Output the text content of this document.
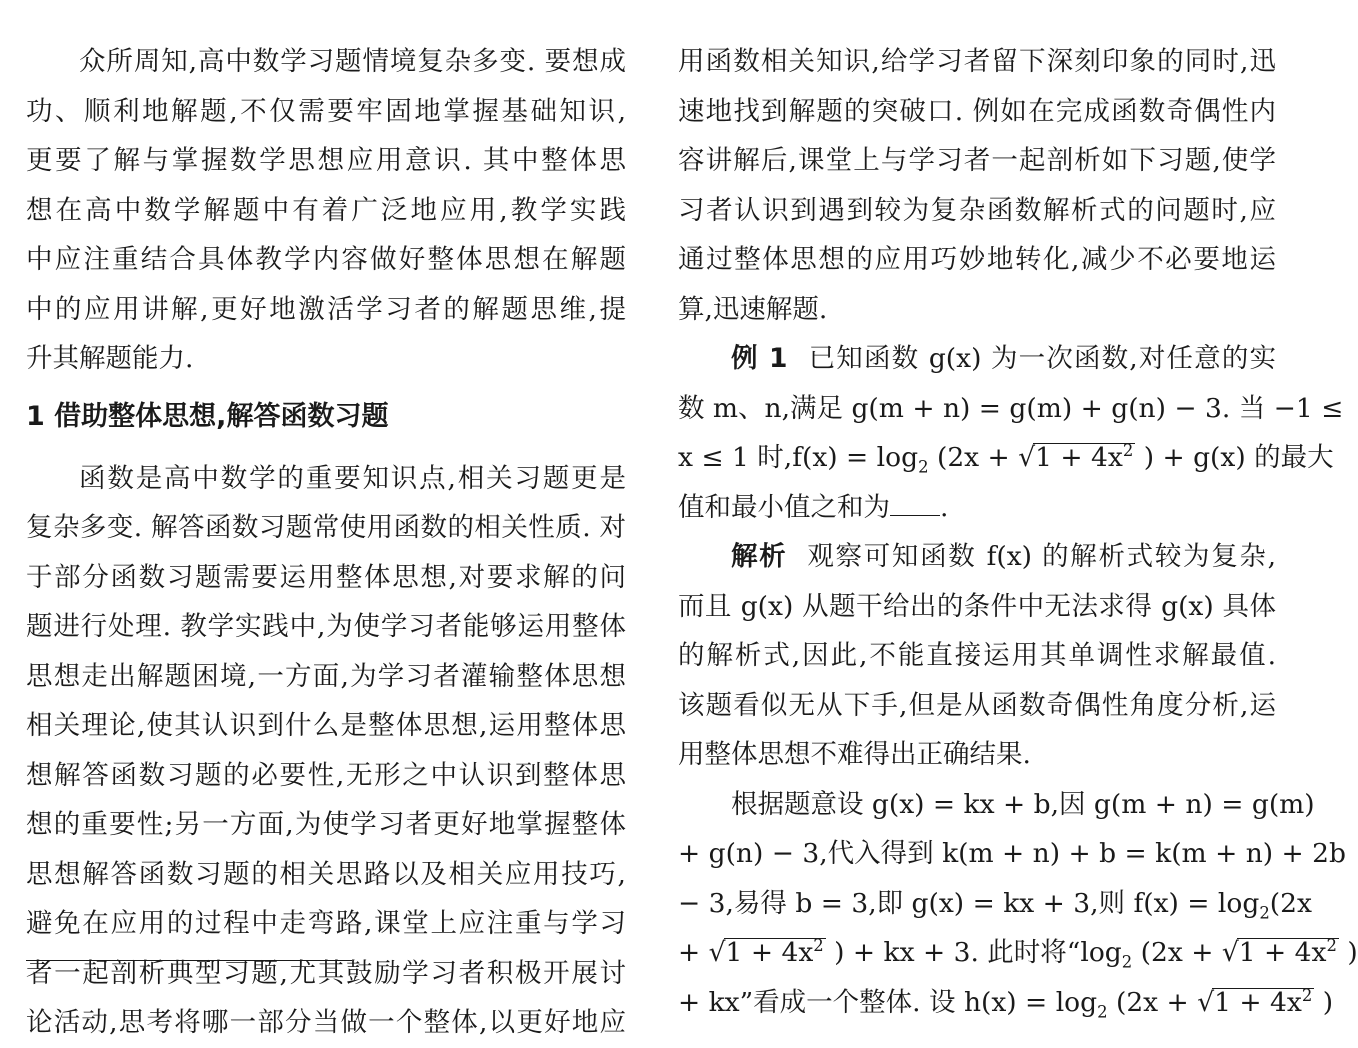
众所周知,高中数学习题情境复杂多变. 要想成
功、顺利地解题,不仅需要牢固地掌握基础知识,
更要了解与掌握数学思想应用意识. 其中整体思
想在高中数学解题中有着广泛地应用,教学实践
中应注重结合具体教学内容做好整体思想在解题
中的应用讲解,更好地激活学习者的解题思维,提
升其解题能力.
1 借助整体思想,解答函数习题
函数是高中数学的重要知识点,相关习题更是
复杂多变. 解答函数习题常使用函数的相关性质. 对
于部分函数习题需要运用整体思想,对要求解的问
题进行处理. 教学实践中,为使学习者能够运用整体
思想走出解题困境,一方面,为学习者灌输整体思想
相关理论,使其认识到什么是整体思想,运用整体思
想解答函数习题的必要性,无形之中认识到整体思
想的重要性;另一方面,为使学习者更好地掌握整体
思想解答函数习题的相关思路以及相关应用技巧,
避免在应用的过程中走弯路,课堂上应注重与学习
者一起剖析典型习题,尤其鼓励学习者积极开展讨
论活动,思考将哪一部分当做一个整体,以更好地应
用函数相关知识,给学习者留下深刻印象的同时,迅
速地找到解题的突破口. 例如在完成函数奇偶性内
容讲解后,课堂上与学习者一起剖析如下习题,使学
习者认识到遇到较为复杂函数解析式的问题时,应
通过整体思想的应用巧妙地转化,减少不必要地运
算,迅速解题.
例 1 已知函数 g(x) 为一次函数,对任意的实
数 m、n,满足 g(m + n) = g(m) + g(n) − 3. 当 −1 ≤
x ≤ 1 时$,f(x) = \log_2 (2x + √1 + 4x^2$ ) + g(x) 的最大
值和最小值之和为 .
解析 观察可知函数 f(x) 的解析式较为复杂,
而且 g(x) 从题干给出的条件中无法求得 g(x) 具体
的解析式,因此,不能直接运用其单调性求解最值.
该题看似无从下手,但是从函数奇偶性角度分析,运
用整体思想不难得出正确结果.
根据题意设 g(x) = kx + b,因 g(m + n) = g(m)
+ g(n) − 3,代入得到 k(m + n) + b = k(m + n) + 2b
− 3,易得 b = 3,即 g(x) = kx + 3,则 $f(x) = \log_2(2x$
+ $√1 + 4x^2$ ) + kx + 3. 此时将“$\log_2$ ($2x + √1 + 4x^2$ )
+ kx”看成一个整体. 设 $h(x) = \log_2 (2x + √1 + 4x^2$ )
